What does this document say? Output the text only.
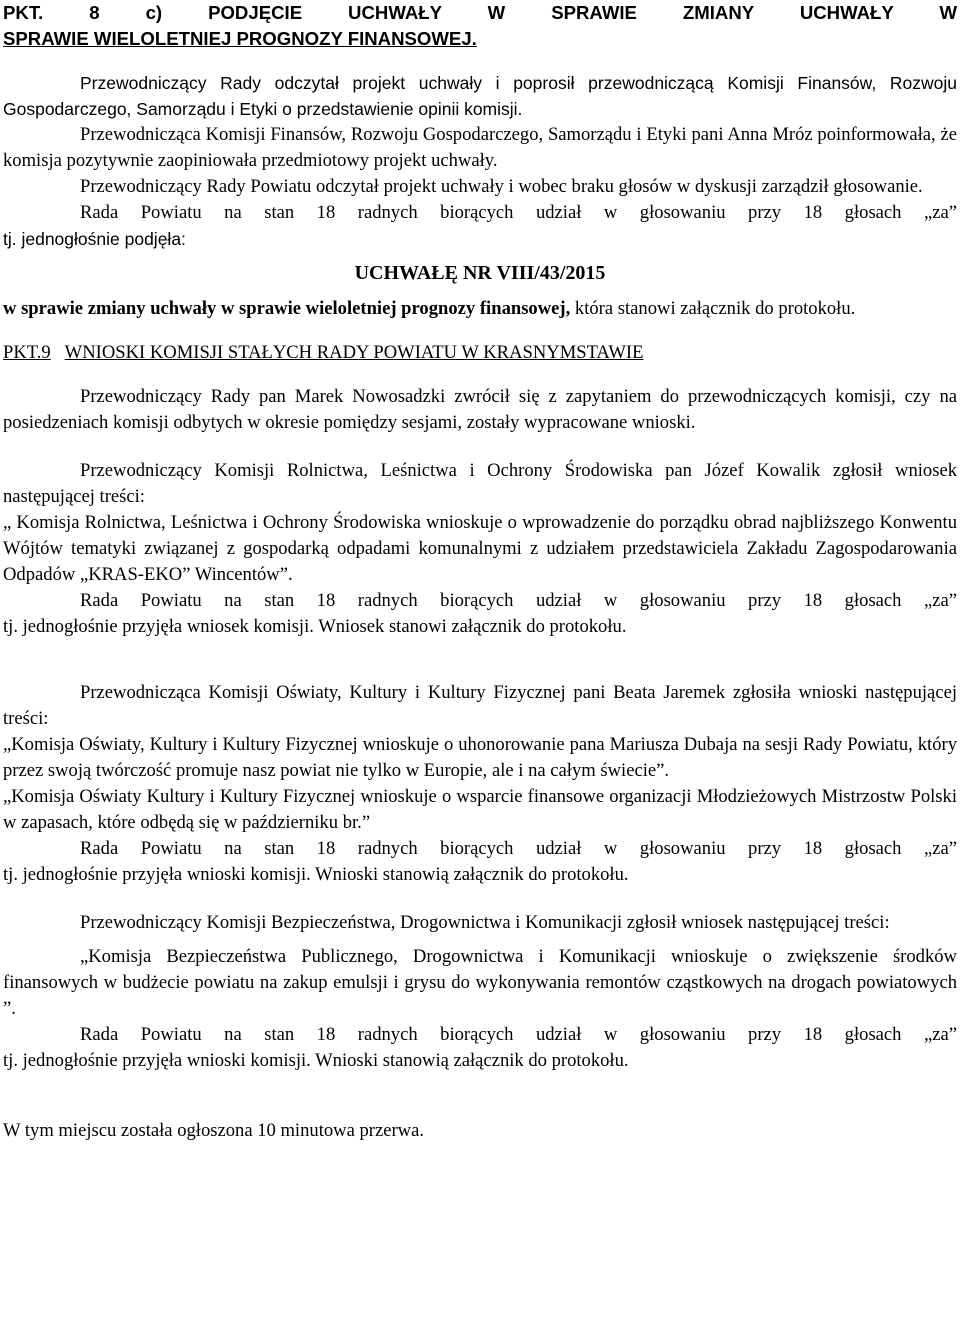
PKT. 8 c) PODJĘCIE UCHWAŁY W SPRAWIE ZMIANY UCHWAŁY W

SPRAWIE WIELOLETNIEJ PROGNOZY FINANSOWEJ.

Przewodniczący Rady odczytał projekt uchwały i poprosił przewodniczącą Komisji Finansów, Rozwoju Gospodarczego, Samorządu i Etyki o przedstawienie opinii komisji.

Przewodnicząca Komisji Finansów, Rozwoju Gospodarczego, Samorządu i Etyki pani Anna Mróz poinformowała, że komisja pozytywnie zaopiniowała przedmiotowy projekt uchwały.

Przewodniczący Rady Powiatu odczytał projekt uchwały i wobec braku głosów w dyskusji zarządził głosowanie.

Rada Powiatu na stan 18 radnych biorących udział w głosowaniu przy 18 głosach „za”

tj. jednogłośnie podjęła:

UCHWAŁĘ NR VIII/43/2015

w sprawie zmiany uchwały w sprawie wieloletniej prognozy finansowej, która stanowi załącznik do protokołu.

PKT.9 WNIOSKI KOMISJI STAŁYCH RADY POWIATU W KRASNYMSTAWIE

Przewodniczący Rady pan Marek Nowosadzki zwrócił się z zapytaniem do przewodniczących komisji, czy na posiedzeniach komisji odbytych w okresie pomiędzy sesjami, zostały wypracowane wnioski.

Przewodniczący Komisji Rolnictwa, Leśnictwa i Ochrony Środowiska pan Józef Kowalik zgłosił wniosek następującej treści:

„ Komisja Rolnictwa, Leśnictwa i Ochrony Środowiska wnioskuje o wprowadzenie do porządku obrad najbliższego Konwentu Wójtów tematyki związanej z gospodarką odpadami komunalnymi z udziałem przedstawiciela Zakładu Zagospodarowania Odpadów „KRAS-EKO” Wincentów”.

Rada Powiatu na stan 18 radnych biorących udział w głosowaniu przy 18 głosach „za”

tj. jednogłośnie przyjęła wniosek komisji. Wniosek stanowi załącznik do protokołu.

Przewodnicząca Komisji Oświaty, Kultury i Kultury Fizycznej pani Beata Jaremek zgłosiła wnioski następującej treści:

„Komisja Oświaty, Kultury i Kultury Fizycznej wnioskuje o uhonorowanie pana Mariusza Dubaja na sesji Rady Powiatu, który przez swoją twórczość promuje nasz powiat nie tylko w Europie, ale i na całym świecie”.

„Komisja Oświaty Kultury i Kultury Fizycznej wnioskuje o wsparcie finansowe organizacji Młodzieżowych Mistrzostw Polski w zapasach, które odbędą się w październiku br.”

Rada Powiatu na stan 18 radnych biorących udział w głosowaniu przy 18 głosach „za”

tj. jednogłośnie przyjęła wnioski komisji. Wnioski stanowią załącznik do protokołu.

Przewodniczący Komisji Bezpieczeństwa, Drogownictwa i Komunikacji zgłosił wniosek następującej treści:

„Komisja Bezpieczeństwa Publicznego, Drogownictwa i Komunikacji wnioskuje o zwiększenie środków finansowych w budżecie powiatu na zakup emulsji i grysu do wykonywania remontów cząstkowych na drogach powiatowych ”.

Rada Powiatu na stan 18 radnych biorących udział w głosowaniu przy 18 głosach „za”

tj. jednogłośnie przyjęła wnioski komisji. Wnioski stanowią załącznik do protokołu.

W tym miejscu została ogłoszona 10 minutowa przerwa.
